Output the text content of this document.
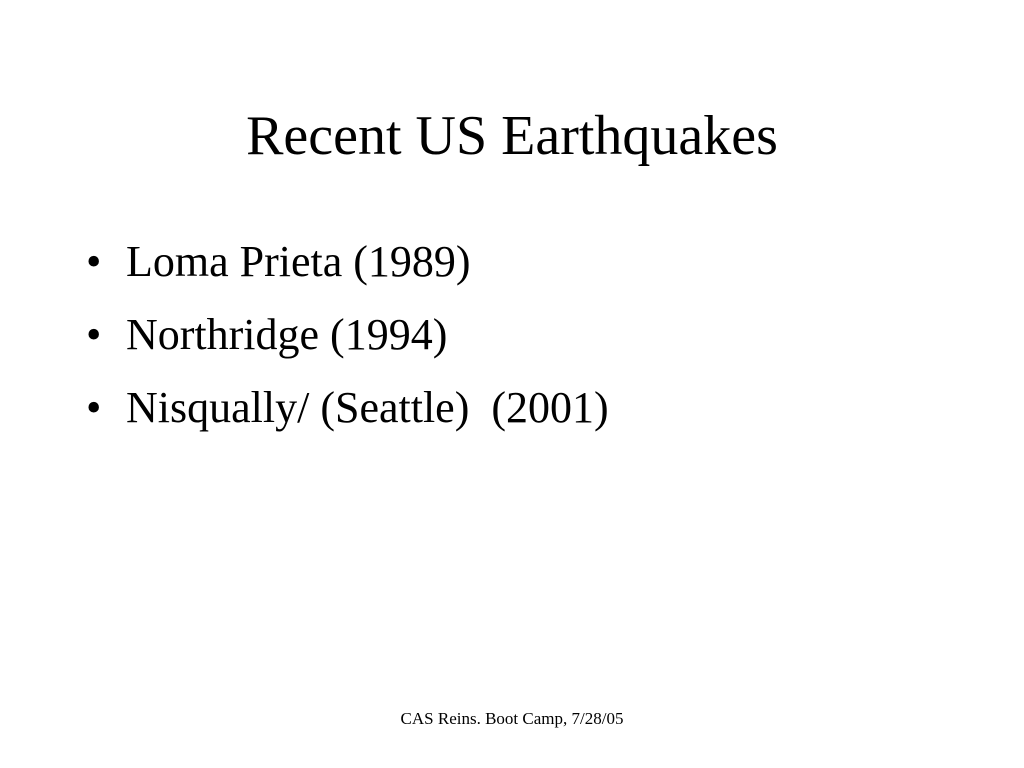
Recent US Earthquakes

•

Loma Prieta (1989)

•

Northridge (1994)

•

Nisqually/ (Seattle)  (2001)

CAS Reins. Boot Camp, 7/28/05
